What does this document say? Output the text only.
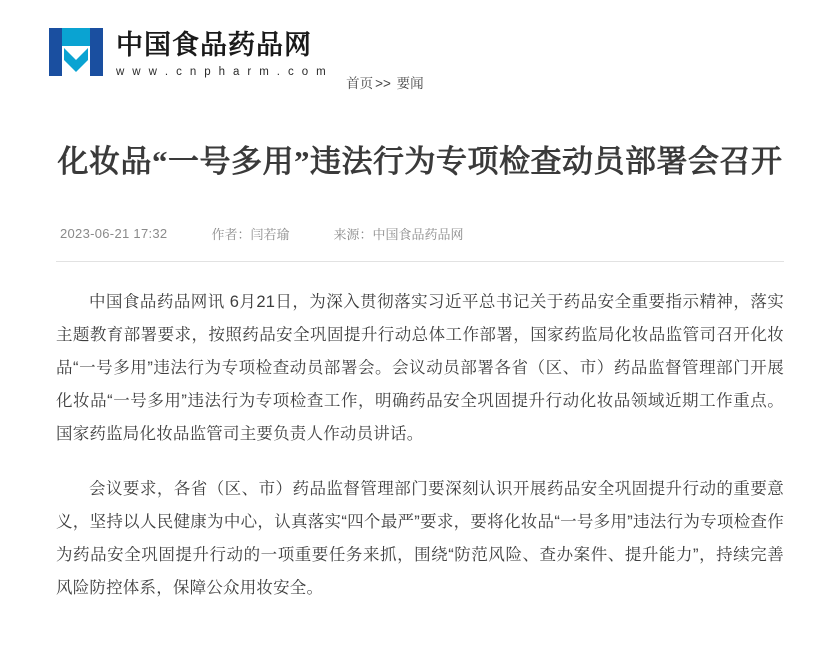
中国食品药品网
w w w . c n p h a r m . c o m
首页 >> 要闻
化妆品“一号多用”违法行为专项检查动员部署会召开
2023-06-21 17:32	作者：闫若瑜	来源：中国食品药品网

中国食品药品网讯 6月21日，为深入贯彻落实习近平总书记关于药品安全重要指示精神，落实主题教育部署要求，按照药品安全巩固提升行动总体工作部署，国家药监局化妆品监管司召开化妆品“一号多用”违法行为专项检查动员部署会。会议动员部署各省（区、市）药品监督管理部门开展化妆品“一号多用”违法行为专项检查工作，明确药品安全巩固提升行动化妆品领域近期工作重点。国家药监局化妆品监管司主要负责人作动员讲话。

会议要求，各省（区、市）药品监督管理部门要深刻认识开展药品安全巩固提升行动的重要意义，坚持以人民健康为中心，认真落实“四个最严”要求，要将化妆品“一号多用”违法行为专项检查作为药品安全巩固提升行动的一项重要任务来抓，围绕“防范风险、查办案件、提升能力”，持续完善风险防控体系，保障公众用妆安全。
